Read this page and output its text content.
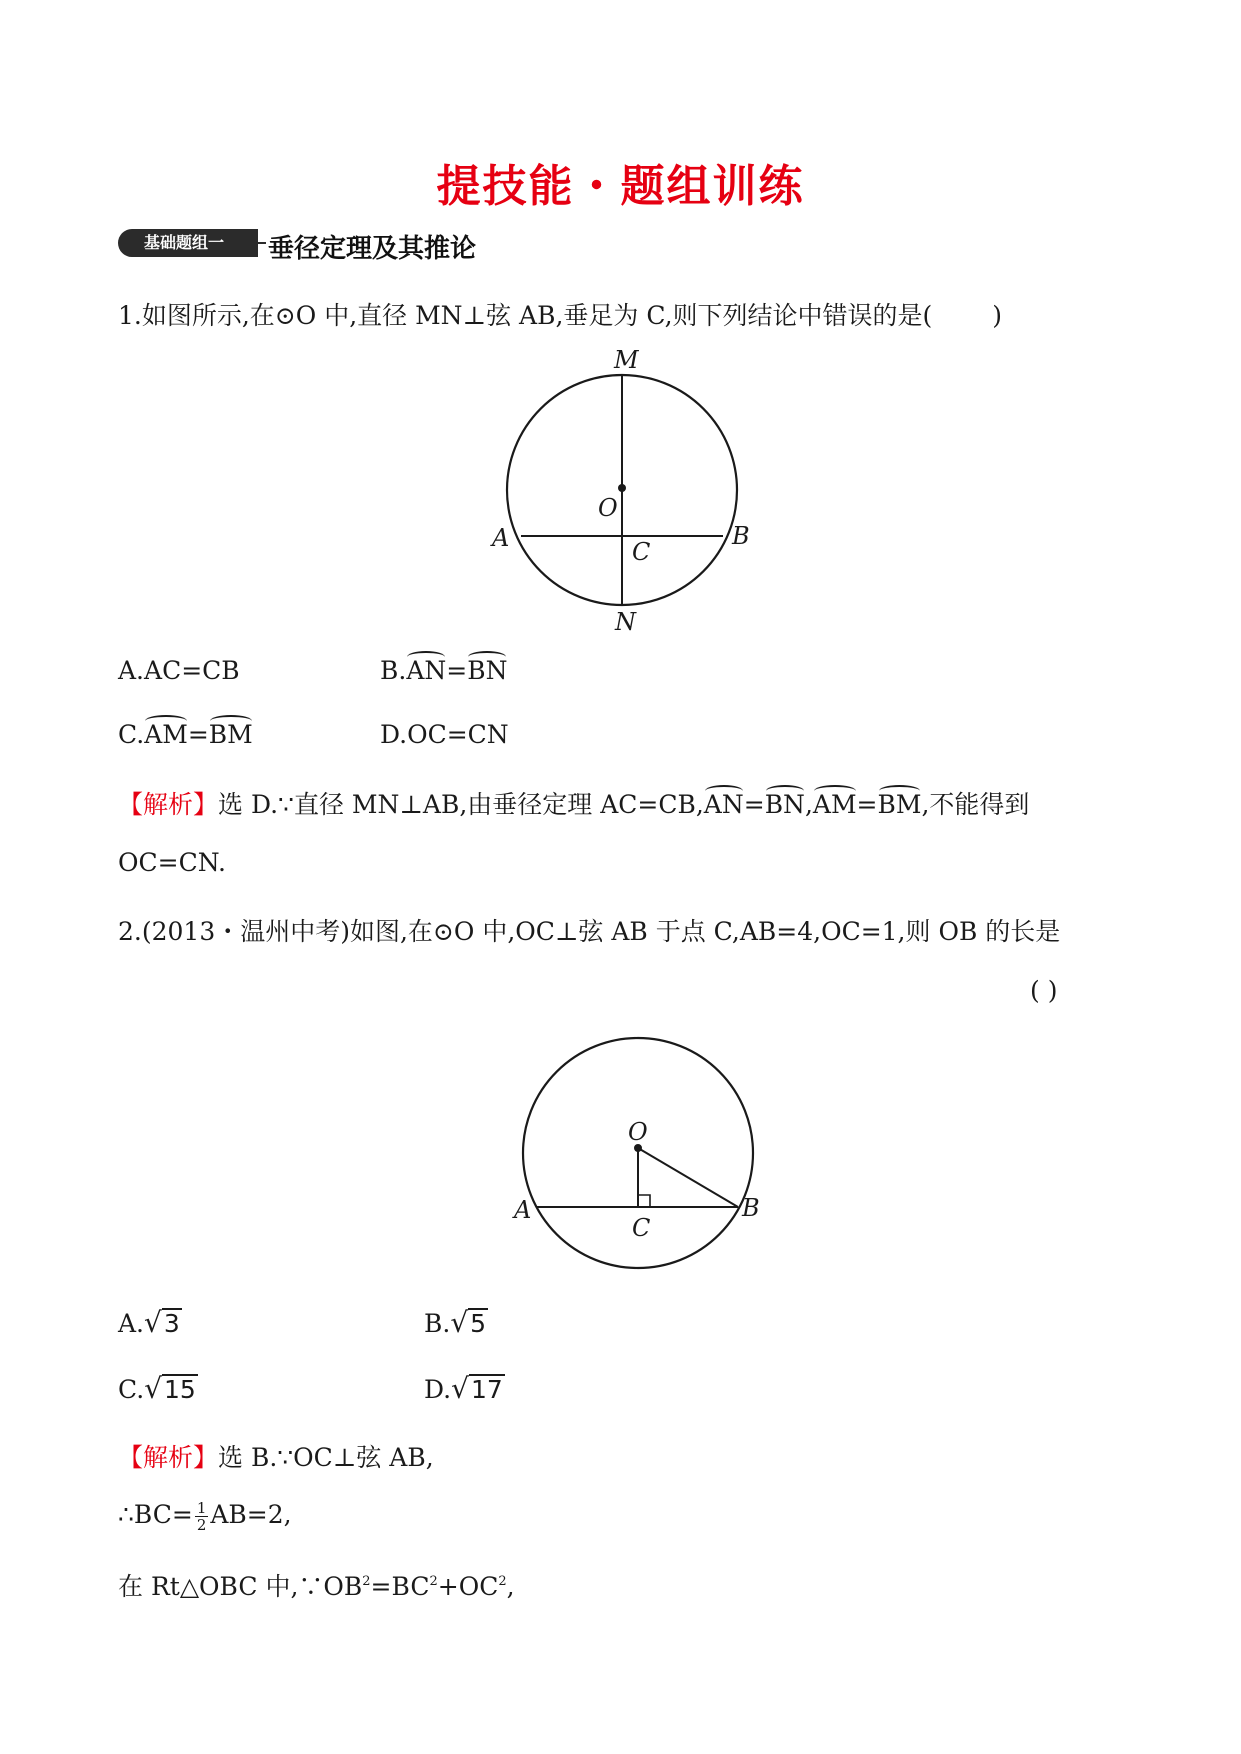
提技能・题组训练
基础题组一	垂径定理及其推论
1.如图所示,在⊙O 中,直径 MN⊥弦 AB,垂足为 C,则下列结论中错误的是( )
M
O
A	B
C
N
A.AC=CB	B.AN=BN
C.AM=BM	D.OC=CN
【解析】选 D.∵直径 MN⊥AB,由垂径定理 AC=CB,AN=BN,AM=BM,不能得到
OC=CN.
2.(2013・温州中考)如图,在⊙O 中,OC⊥弦 AB 于点 C,AB=4,OC=1,则 OB 的长是
( )
O
A	B
C
A.√3	B.√5
C.√15	D.√17
【解析】选 B.∵OC⊥弦 AB,
∴BC= $\frac{1}{2} AB=2$,
在 Rt△OBC 中$,\because OB^2=BC^2+OC^2$,
